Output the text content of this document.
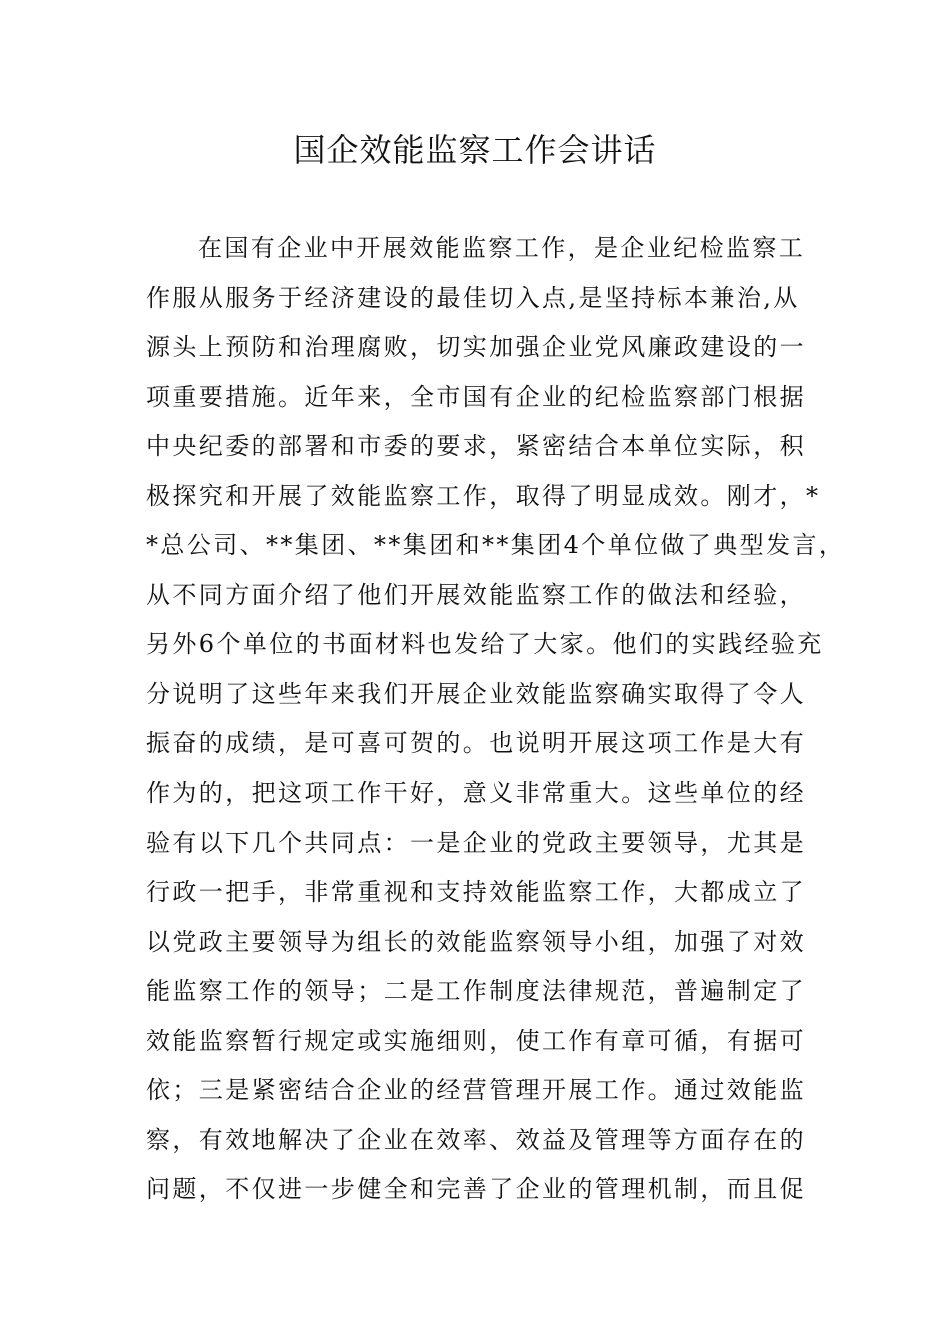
国企效能监察工作会讲话
在国有企业中开展效能监察工作，是企业纪检监察工
作服从服务于经济建设的最佳切入点,是坚持标本兼治,从
源头上预防和治理腐败，切实加强企业党风廉政建设的一
项重要措施。近年来，全市国有企业的纪检监察部门根据
中央纪委的部署和市委的要求，紧密结合本单位实际，积
极探究和开展了效能监察工作，取得了明显成效。刚才，*
*总公司、**集团、**集团和**集团4个单位做了典型发言，
从不同方面介绍了他们开展效能监察工作的做法和经验，
另外6个单位的书面材料也发给了大家。他们的实践经验充
分说明了这些年来我们开展企业效能监察确实取得了令人
振奋的成绩，是可喜可贺的。也说明开展这项工作是大有
作为的，把这项工作干好，意义非常重大。这些单位的经
验有以下几个共同点：一是企业的党政主要领导，尤其是
行政一把手，非常重视和支持效能监察工作，大都成立了
以党政主要领导为组长的效能监察领导小组，加强了对效
能监察工作的领导；二是工作制度法律规范，普遍制定了
效能监察暂行规定或实施细则，使工作有章可循，有据可
依；三是紧密结合企业的经营管理开展工作。通过效能监
察，有效地解决了企业在效率、效益及管理等方面存在的
问题，不仅进一步健全和完善了企业的管理机制，而且促
